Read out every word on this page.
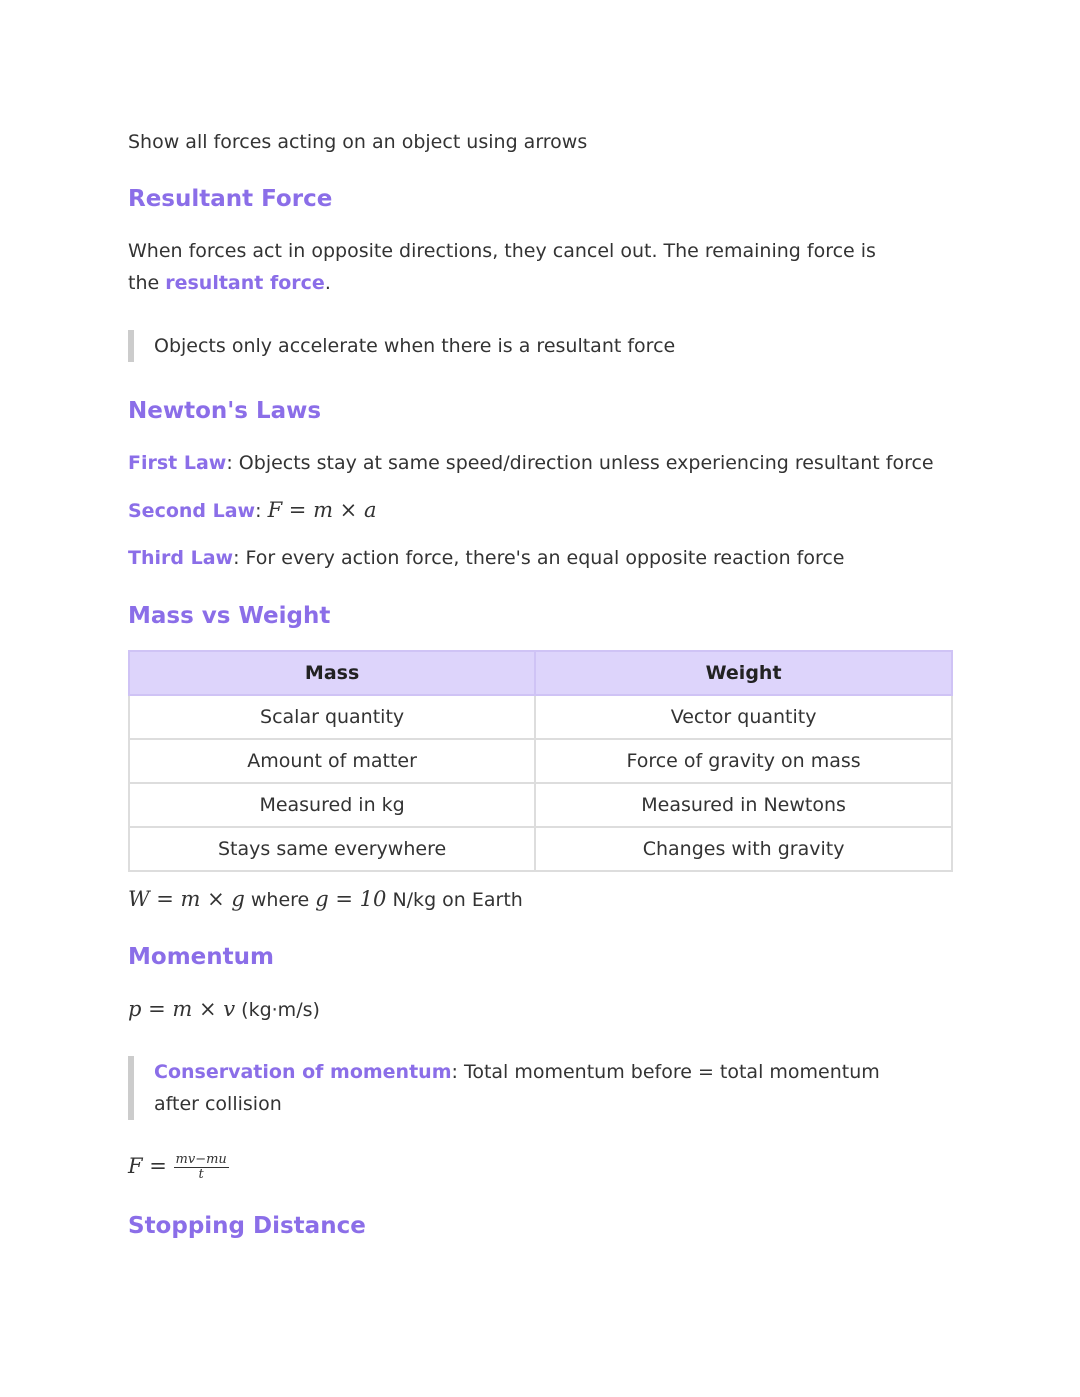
Show all forces acting on an object using arrows
Resultant Force
When forces act in opposite directions, they cancel out. The remaining force is the resultant force.
Objects only accelerate when there is a resultant force
Newton's Laws
First Law: Objects stay at same speed/direction unless experiencing resultant force
Second Law: F = m × a
Third Law: For every action force, there's an equal opposite reaction force
Mass vs Weight
Mass	Weight
Scalar quantity	Vector quantity
Amount of matter	Force of gravity on mass
Measured in kg	Measured in Newtons
Stays same everywhere	Changes with gravity
W = m × g where g = 10 N/kg on Earth
Momentum
p = m × v (kg·m/s)
Conservation of momentum: Total momentum before = total momentum after collision
$F = \frac{mv-mu}{t}$
Stopping Distance
